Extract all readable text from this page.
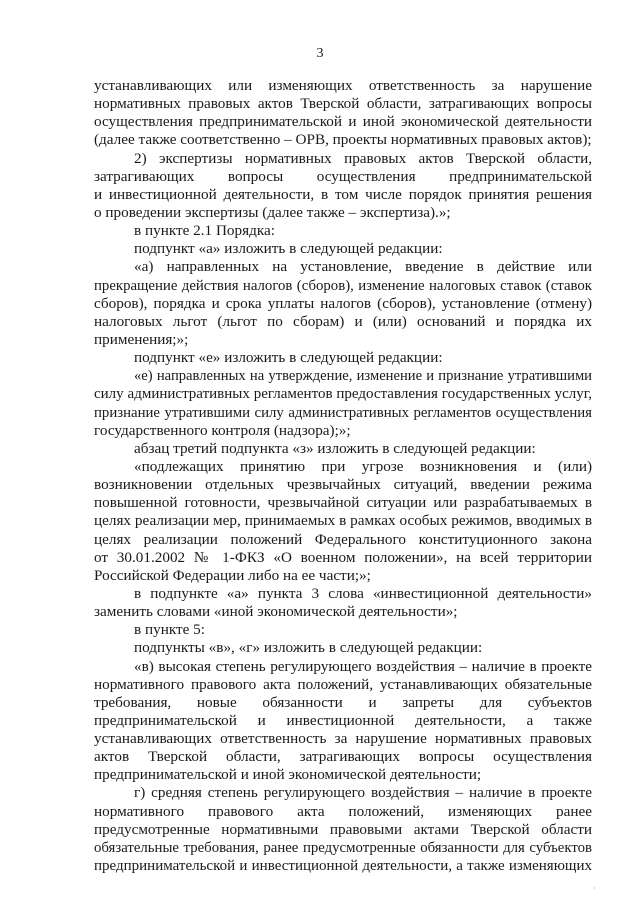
3
устанавливающих или изменяющих ответственность за нарушение
нормативных правовых актов Тверской области, затрагивающих вопросы
осуществления предпринимательской и иной экономической деятельности
(далее также соответственно – ОРВ, проекты нормативных правовых актов);
2) экспертизы нормативных правовых актов Тверской области,
затрагивающих вопросы осуществления предпринимательской
и инвестиционной деятельности, в том числе порядок принятия решения
о проведении экспертизы (далее также – экспертиза).»;
в пункте 2.1 Порядка:
подпункт «а» изложить в следующей редакции:
«а) направленных на установление, введение в действие или
прекращение действия налогов (сборов), изменение налоговых ставок (ставок
сборов), порядка и срока уплаты налогов (сборов), установление (отмену)
налоговых льгот (льгот по сборам) и (или) оснований и порядка их
применения;»;
подпункт «е» изложить в следующей редакции:
«е) направленных на утверждение, изменение и признание утратившими
силу административных регламентов предоставления государственных услуг,
признание утратившими силу административных регламентов осуществления
государственного контроля (надзора);»;
абзац третий подпункта «з» изложить в следующей редакции:
«подлежащих принятию при угрозе возникновения и (или)
возникновении отдельных чрезвычайных ситуаций, введении режима
повышенной готовности, чрезвычайной ситуации или разрабатываемых в
целях реализации мер, принимаемых в рамках особых режимов, вводимых в
целях реализации положений Федерального конституционного закона
от 30.01.2002 № 1-ФКЗ «О военном положении», на всей территории
Российской Федерации либо на ее части;»;
в подпункте «а» пункта 3 слова «инвестиционной деятельности»
заменить словами «иной экономической деятельности»;
в пункте 5:
подпункты «в», «г» изложить в следующей редакции:
«в) высокая степень регулирующего воздействия – наличие в проекте
нормативного правового акта положений, устанавливающих обязательные
требования, новые обязанности и запреты для субъектов
предпринимательской и инвестиционной деятельности, а также
устанавливающих ответственность за нарушение нормативных правовых
актов Тверской области, затрагивающих вопросы осуществления
предпринимательской и иной экономической деятельности;
г) средняя степень регулирующего воздействия – наличие в проекте
нормативного правового акта положений, изменяющих ранее
предусмотренные нормативными правовыми актами Тверской области
обязательные требования, ранее предусмотренные обязанности для субъектов
предпринимательской и инвестиционной деятельности, а также изменяющих
·
